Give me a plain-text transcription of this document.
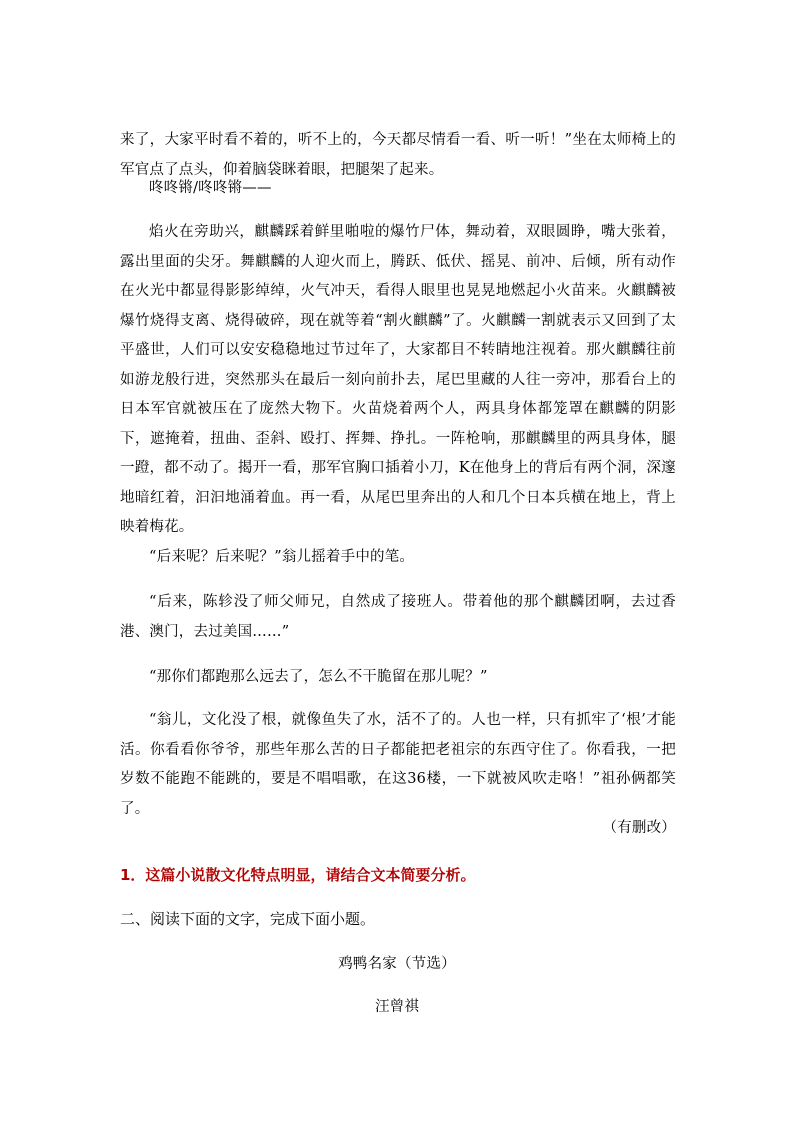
来了，大家平时看不着的，听不上的，今天都尽情看一看、听一听！”坐在太师椅上的军官点了点头，仰着脑袋眯着眼，把腿架了起来。

咚咚锵/咚咚锵——

焰火在旁助兴，麒麟踩着鲜里啪啦的爆竹尸体，舞动着，双眼圆睁，嘴大张着，露出里面的尖牙。舞麒麟的人迎火而上，腾跃、低伏、摇晃、前冲、后倾，所有动作在火光中都显得影影绰绰，火气冲天，看得人眼里也晃晃地燃起小火苗来。火麒麟被爆竹烧得支离、烧得破碎，现在就等着“割火麒麟”了。火麒麟一割就表示又回到了太平盛世，人们可以安安稳稳地过节过年了，大家都目不转睛地注视着。那火麒麟往前如游龙般行进，突然那头在最后一刻向前扑去，尾巴里藏的人往一旁冲，那看台上的日本军官就被压在了庞然大物下。火苗烧着两个人，两具身体都笼罩在麒麟的阴影下，遮掩着，扭曲、歪斜、殴打、挥舞、挣扎。一阵枪响，那麒麟里的两具身体，腿一蹬，都不动了。揭开一看，那军官胸口插着小刀，K在他身上的背后有两个洞，深邃地暗红着，汩汩地涌着血。再一看，从尾巴里奔出的人和几个日本兵横在地上，背上映着梅花。

“后来呢？后来呢？”翁儿摇着手中的笔。

“后来，陈轸没了师父师兄，自然成了接班人。带着他的那个麒麟团啊，去过香港、澳门，去过美国……”

“那你们都跑那么远去了，怎么不干脆留在那儿呢？”

“翁儿，文化没了根，就像鱼失了水，活不了的。人也一样，只有抓牢了‘根’才能活。你看看你爷爷，那些年那么苦的日子都能把老祖宗的东西守住了。你看我，一把岁数不能跑不能跳的，要是不唱唱歌，在这36楼，一下就被风吹走咯！”祖孙俩都笑了。

（有删改）

1．这篇小说散文化特点明显，请结合文本简要分析。

二、阅读下面的文字，完成下面小题。

鸡鸭名家（节选）

汪曾祺
